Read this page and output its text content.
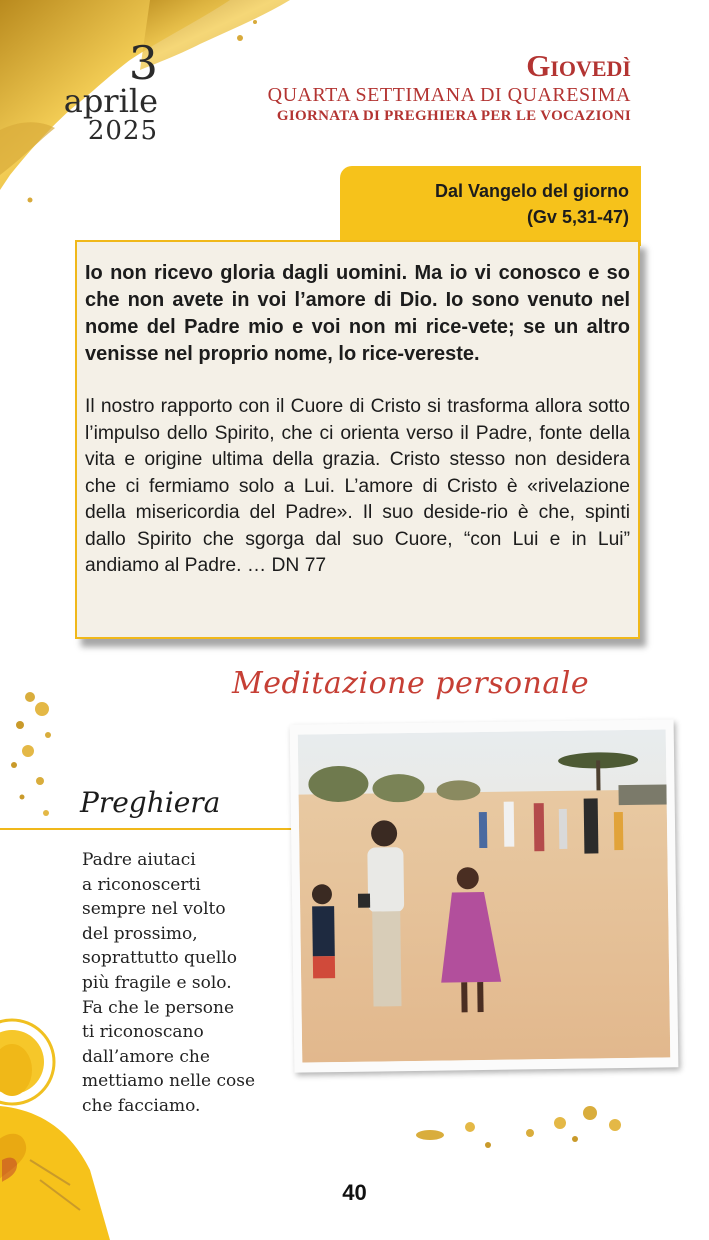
3
aprile
2025
Giovedì
QUARTA SETTIMANA DI QUARESIMA
GIORNATA DI PREGHIERA PER LE VOCAZIONI
Dal Vangelo del giorno
(Gv 5,31-47)

Io non ricevo gloria dagli uomini. Ma io vi conosco e so che non avete in voi l’amore di Dio. Io sono venuto nel nome del Padre mio e voi non mi rice-vete; se un altro venisse nel proprio nome, lo rice-vereste.

Il nostro rapporto con il Cuore di Cristo si trasforma allora sotto l’impulso dello Spirito, che ci orienta verso il Padre, fonte della vita e origine ultima della grazia. Cristo stesso non desidera che ci fermiamo solo a Lui. L’amore di Cristo è «rivelazione della misericordia del Padre». Il suo deside-rio è che, spinti dallo Spirito che sgorga dal suo Cuore, “con Lui e in Lui” andiamo al Padre. … DN 77

Meditazione personale
Preghiera

Padre aiutaci
a riconoscerti
sempre nel volto
del prossimo,
soprattutto quello
più fragile e solo.
Fa che le persone
ti riconoscano
dall’amore che
mettiamo nelle cose
che facciamo.

40
